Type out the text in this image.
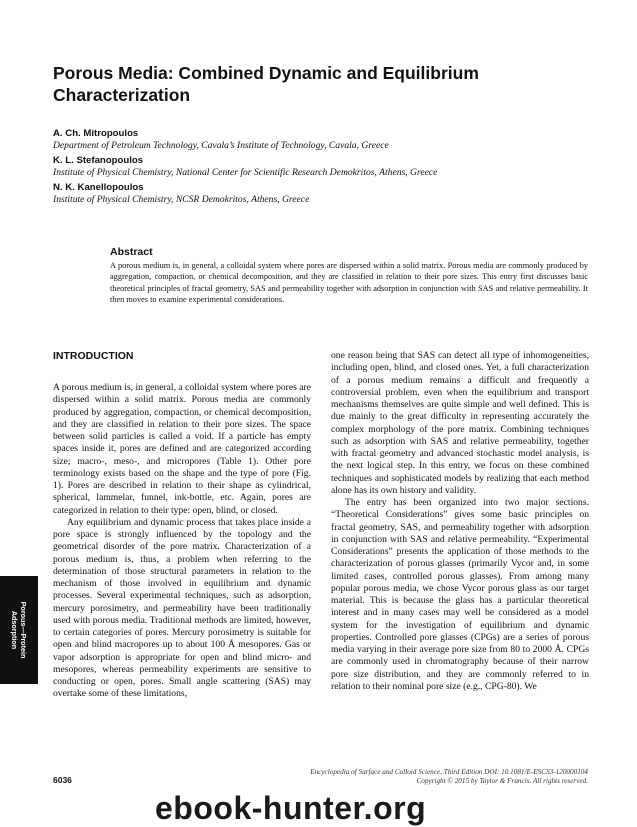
Porous Media: Combined Dynamic and Equilibrium Characterization
A. Ch. Mitropoulos
Department of Petroleum Technology, Cavala’s Institute of Technology, Cavala, Greece
K. L. Stefanopoulos
Institute of Physical Chemistry, National Center for Scientific Research Demokritos, Athens, Greece
N. K. Kanellopoulos
Institute of Physical Chemistry, NCSR Demokritos, Athens, Greece
Abstract

A porous medium is, in general, a colloidal system where pores are dispersed within a solid matrix. Porous media are commonly produced by aggregation, compaction, or chemical decomposition, and they are classified in relation to their pore sizes. This entry first discusses basic theoretical principles of fractal geometry, SAS and permeability together with adsorption in conjunction with SAS and relative permeability. It then moves to examine experimental considerations.

INTRODUCTION

A porous medium is, in general, a colloidal system where pores are dispersed within a solid matrix. Porous media are commonly produced by aggregation, compaction, or chemical decomposition, and they are classified in relation to their pore sizes. The space between solid particles is called a void. If a particle has empty spaces inside it, pores are defined and are categorized according size; macro-, meso-, and micropores (Table 1). Other pore terminology exists based on the shape and the type of pore (Fig. 1). Pores are described in relation to their shape as cylindrical, spherical, lammelar, funnel, ink-bottle, etc. Again, pores are categorized in relation to their type: open, blind, or closed.

Any equilibrium and dynamic process that takes place inside a pore space is strongly influenced by the topology and the geometrical disorder of the pore matrix. Characterization of a porous medium is, thus, a problem when referring to the determination of those structural parameters in relation to the mechanism of those involved in equilibrium and dynamic processes. Several experimental techniques, such as adsorption, mercury porosimetry, and permeability have been traditionally used with porous media. Traditional methods are limited, however, to certain categories of pores. Mercury porosimetry is suitable for open and blind macropores up to about 100 Å mesopores. Gas or vapor adsorption is appropriate for open and blind micro- and mesopores, whereas permeability experiments are sensitive to conducting or open, pores. Small angle scattering (SAS) may overtake some of these limitations,

one reason being that SAS can detect all type of inhomogeneities, including open, blind, and closed ones. Yet, a full characterization of a porous medium remains a difficult and frequently a controversial problem, even when the equilibrium and transport mechanisms themselves are quite simple and well defined. This is due mainly to the great difficulty in representing accurately the complex morphology of the pore matrix. Combining techniques such as adsorption with SAS and relative permeability, together with fractal geometry and advanced stochastic model analysis, is the next logical step. In this entry, we focus on these combined techniques and sophisticated models by realizing that each method alone has its own history and validity.

The entry has been organized into two major sections. “Theoretical Considerations” gives some basic principles on fractal geometry, SAS, and permeability together with adsorption in conjunction with SAS and relative permeability. “Experimental Considerations” presents the application of those methods to the characterization of porous glasses (primarily Vycor and, in some limited cases, controlled porous glasses). From among many popular porous media, we chose Vycor porous glass as our target material. This is because the glass has a particular theoretical interest and in many cases may well be considered as a model system for the investigation of equilibrium and dynamic properties. Controlled pore glasses (CPGs) are a series of porous media varying in their average pore size from 80 to 2000 Å. CPGs are commonly used in chromatography because of their narrow pore size distribution, and they are commonly referred to in relation to their nominal pore size (e.g., CPG-80). We

Porous—Protein
Adsorption
6036
Encyclopedia of Surface and Colloid Science, Third Edition DOI: 10.1081/E-ESCS3-120000104
Copyright © 2015 by Taylor & Francis. All rights reserved.
ebook-hunter.org
